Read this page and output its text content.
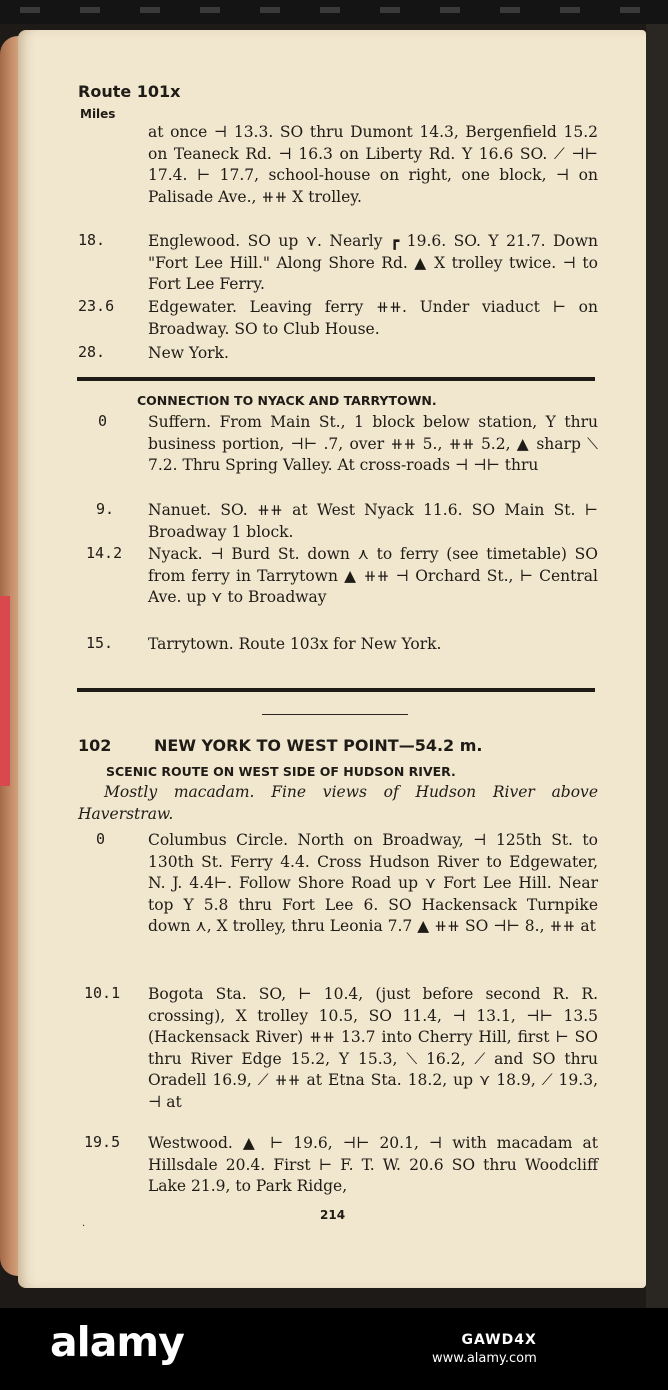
Route 101x
Miles
at once ⊣ 13.3. SO thru Dumont 14.3, Bergenfield 15.2 on Teaneck Rd. ⊣ 16.3 on Liberty Rd. Y 16.6 SO. ⟋ ⊣⊢ 17.4. ⊢ 17.7, school-house on right, one block, ⊣ on Palisade Ave., ⧺⧺ X trolley.
18.	Englewood. SO up ⋎. Nearly ┏ 19.6. SO. Y 21.7. Down "Fort Lee Hill." Along Shore Rd. ▲ X trolley twice. ⊣ to Fort Lee Ferry.
23.6	Edgewater. Leaving ferry ⧺⧺. Under viaduct ⊢ on Broadway. SO to Club House.
28.	New York.
CONNECTION TO NYACK AND TARRYTOWN.
0	Suffern. From Main St., 1 block below station, Y thru business portion, ⊣⊢ .7, over ⧺⧺ 5., ⧺⧺ 5.2, ▲ sharp ⟍ 7.2. Thru Spring Valley. At cross-roads ⊣ ⊣⊢ thru
9.	Nanuet. SO. ⧺⧺ at West Nyack 11.6. SO Main St. ⊢ Broadway 1 block.
14.2	Nyack. ⊣ Burd St. down ⋏ to ferry (see timetable) SO from ferry in Tarrytown ▲ ⧺⧺ ⊣ Orchard St., ⊢ Central Ave. up ⋎ to Broadway
15.	Tarrytown. Route 103x for New York.
102	NEW YORK TO WEST POINT—54.2 m.
SCENIC ROUTE ON WEST SIDE OF HUDSON RIVER.
Mostly macadam. Fine views of Hudson River above Haverstraw.
0	Columbus Circle. North on Broadway, ⊣ 125th St. to 130th St. Ferry 4.4. Cross Hudson River to Edgewater, N. J. 4.4⊢. Follow Shore Road up ⋎ Fort Lee Hill. Near top Y 5.8 thru Fort Lee 6. SO Hackensack Turnpike down ⋏, X trolley, thru Leonia 7.7 ▲ ⧺⧺ SO ⊣⊢ 8., ⧺⧺ at
10.1	Bogota Sta. SO, ⊢ 10.4, (just before second R. R. crossing), X trolley 10.5, SO 11.4, ⊣ 13.1, ⊣⊢ 13.5 (Hackensack River) ⧺⧺ 13.7 into Cherry Hill, first ⊢ SO thru River Edge 15.2, Y 15.3, ⟍ 16.2, ⟋ and SO thru Oradell 16.9, ⟋ ⧺⧺ at Etna Sta. 18.2, up ⋎ 18.9, ⟋ 19.3, ⊣ at
19.5	Westwood. ▲ ⊢ 19.6, ⊣⊢ 20.1, ⊣ with macadam at Hillsdale 20.4. First ⊢ F. T. W. 20.6 SO thru Woodcliff Lake 21.9, to Park Ridge,
.
214
alamy	GAWD4X
www.alamy.com
